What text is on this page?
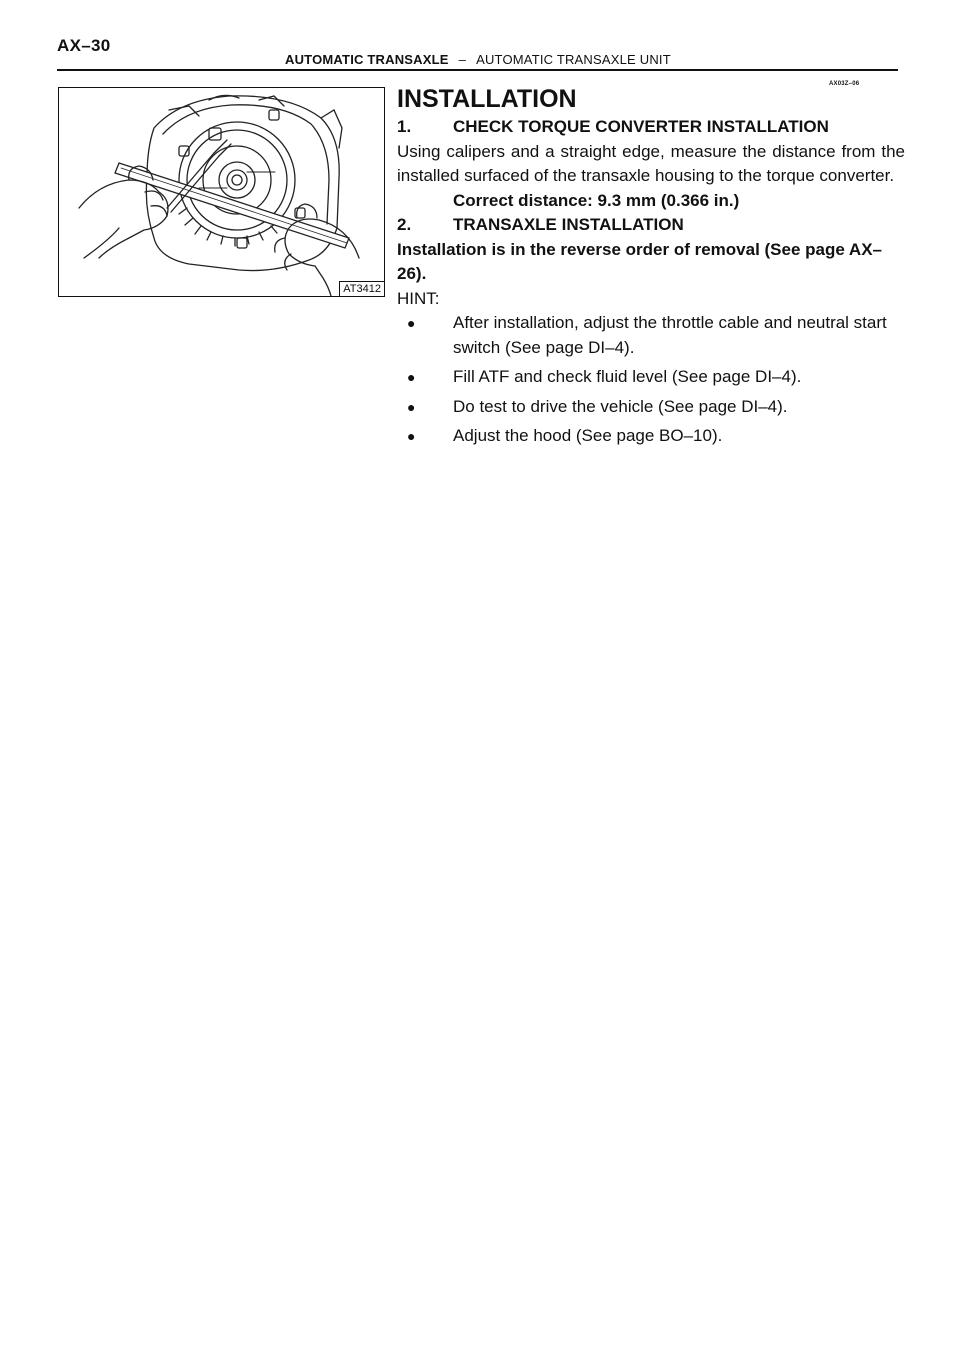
AX–30
AUTOMATIC TRANSAXLE – AUTOMATIC TRANSAXLE UNIT
AX03Z–06
AT3412

INSTALLATION

1.	CHECK TORQUE CONVERTER INSTALLATION

Using calipers and a straight edge, measure the distance from the installed surfaced of the transaxle housing to the torque converter.

Correct distance: 9.3 mm (0.366 in.)

2.	TRANSAXLE INSTALLATION

Installation is in the reverse order of removal (See page AX–26).

HINT:

●	After installation, adjust the throttle cable and neutral start switch (See page DI–4).
●	Fill ATF and check fluid level (See page DI–4).
●	Do test to drive the vehicle (See page DI–4).
●	Adjust the hood (See page BO–10).
